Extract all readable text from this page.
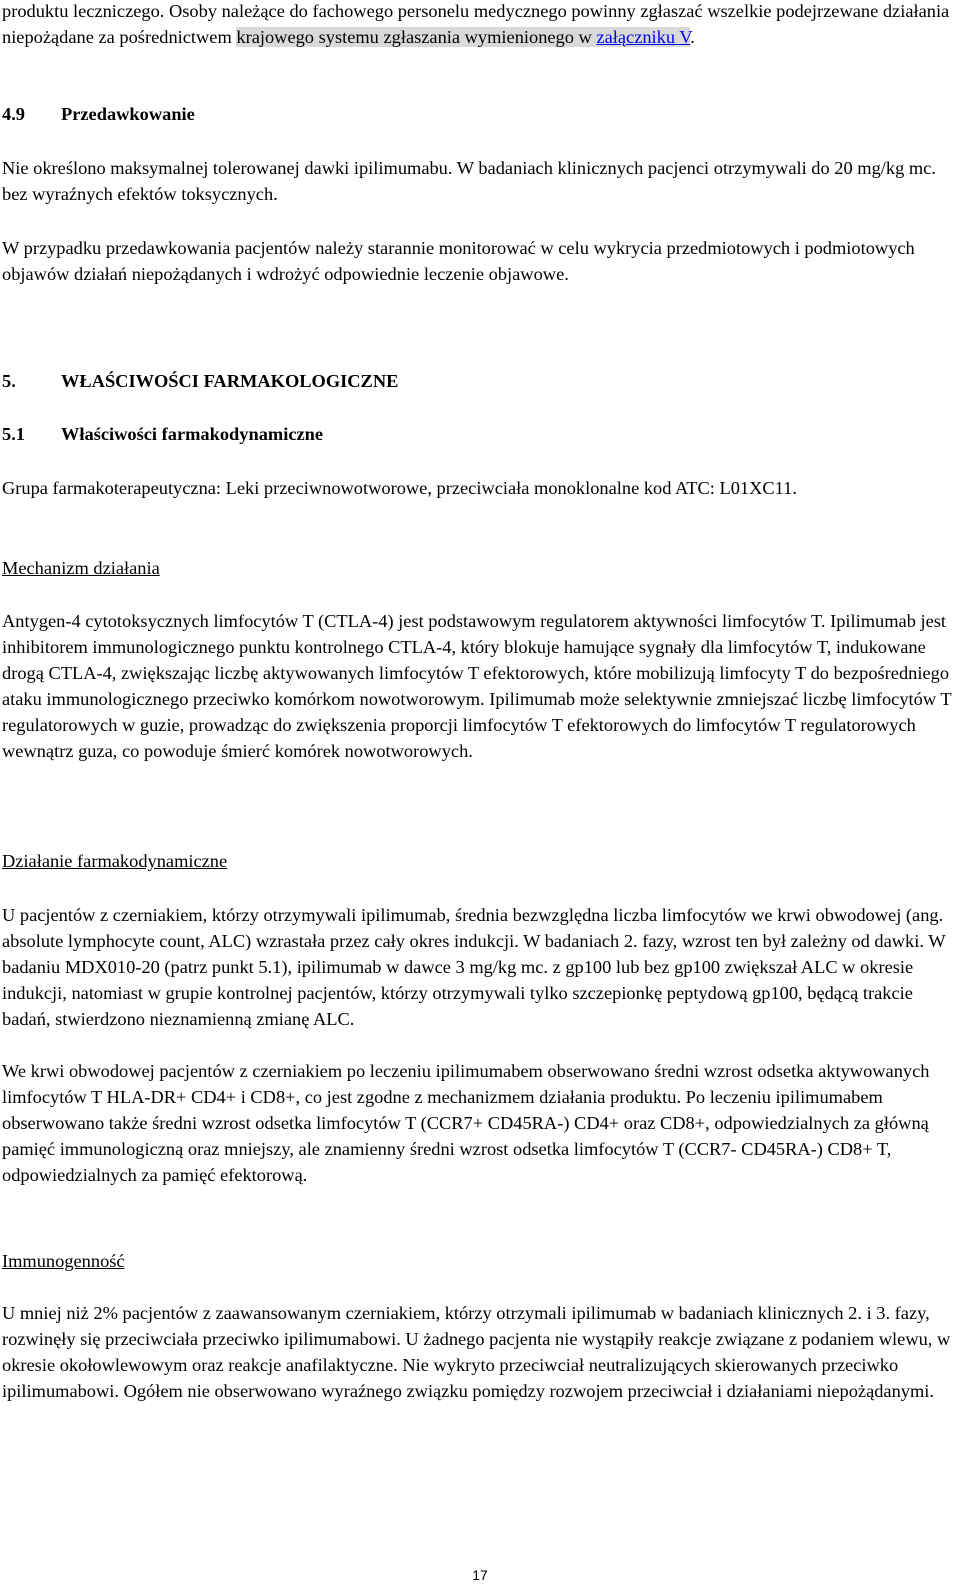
produktu leczniczego. Osoby należące do fachowego personelu medycznego powinny zgłaszać wszelkie podejrzewane działania niepożądane za pośrednictwem krajowego systemu zgłaszania wymienionego w załączniku V.

4.9 Przedawkowanie

Nie określono maksymalnej tolerowanej dawki ipilimumabu. W badaniach klinicznych pacjenci otrzymywali do 20 mg/kg mc. bez wyraźnych efektów toksycznych.

W przypadku przedawkowania pacjentów należy starannie monitorować w celu wykrycia przedmiotowych i podmiotowych objawów działań niepożądanych i wdrożyć odpowiednie leczenie objawowe.

5. WŁAŚCIWOŚCI FARMAKOLOGICZNE
5.1 Właściwości farmakodynamiczne

Grupa farmakoterapeutyczna: Leki przeciwnowotworowe, przeciwciała monoklonalne kod ATC: L01XC11.

Mechanizm działania

Antygen-4 cytotoksycznych limfocytów T (CTLA-4) jest podstawowym regulatorem aktywności limfocytów T. Ipilimumab jest inhibitorem immunologicznego punktu kontrolnego CTLA-4, który blokuje hamujące sygnały dla limfocytów T, indukowane drogą CTLA-4, zwiększając liczbę aktywowanych limfocytów T efektorowych, które mobilizują limfocyty T do bezpośredniego ataku immunologicznego przeciwko komórkom nowotworowym. Ipilimumab może selektywnie zmniejszać liczbę limfocytów T regulatorowych w guzie, prowadząc do zwiększenia proporcji limfocytów T efektorowych do limfocytów T regulatorowych wewnątrz guza, co powoduje śmierć komórek nowotworowych.

Działanie farmakodynamiczne

U pacjentów z czerniakiem, którzy otrzymywali ipilimumab, średnia bezwzględna liczba limfocytów we krwi obwodowej (ang. absolute lymphocyte count, ALC) wzrastała przez cały okres indukcji. W badaniach 2. fazy, wzrost ten był zależny od dawki. W badaniu MDX010-20 (patrz punkt 5.1), ipilimumab w dawce 3 mg/kg mc. z gp100 lub bez gp100 zwiększał ALC w okresie indukcji, natomiast w grupie kontrolnej pacjentów, którzy otrzymywali tylko szczepionkę peptydową gp100, będącą trakcie badań, stwierdzono nieznamienną zmianę ALC.

We krwi obwodowej pacjentów z czerniakiem po leczeniu ipilimumabem obserwowano średni wzrost odsetka aktywowanych limfocytów T HLA-DR+ CD4+ i CD8+, co jest zgodne z mechanizmem działania produktu. Po leczeniu ipilimumabem obserwowano także średni wzrost odsetka limfocytów T (CCR7+ CD45RA-) CD4+ oraz CD8+, odpowiedzialnych za główną pamięć immunologiczną oraz mniejszy, ale znamienny średni wzrost odsetka limfocytów T (CCR7- CD45RA-) CD8+ T, odpowiedzialnych za pamięć efektorową.

Immunogenność

U mniej niż 2% pacjentów z zaawansowanym czerniakiem, którzy otrzymali ipilimumab w badaniach klinicznych 2. i 3. fazy, rozwinęły się przeciwciała przeciwko ipilimumabowi. U żadnego pacjenta nie wystąpiły reakcje związane z podaniem wlewu, w okresie okołowlewowym oraz reakcje anafilaktyczne. Nie wykryto przeciwciał neutralizujących skierowanych przeciwko ipilimumabowi. Ogółem nie obserwowano wyraźnego związku pomiędzy rozwojem przeciwciał i działaniami niepożądanymi.

17
